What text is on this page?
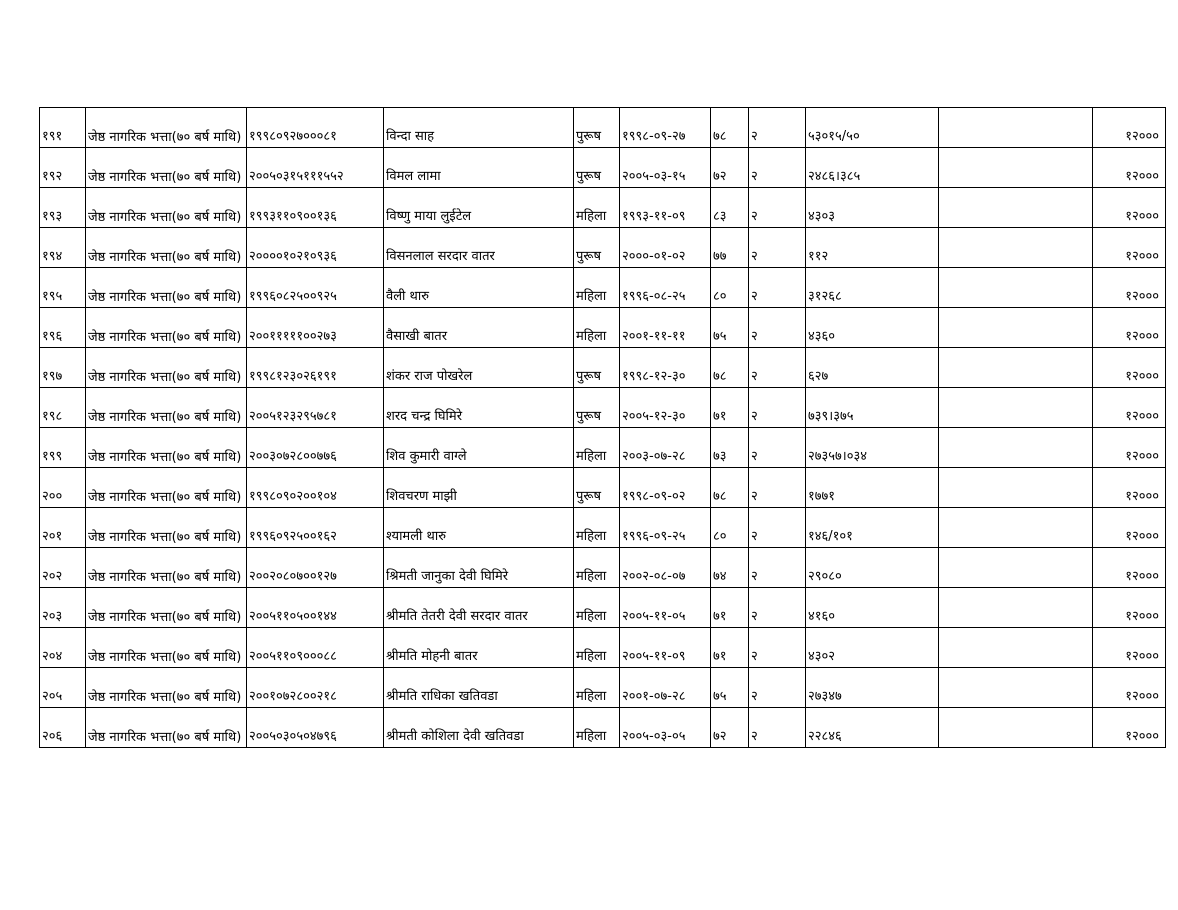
१९१	जेष्ठ नागरिक भत्ता(७० बर्ष माथि)	१९९८०९२७०००८१	विन्दा साह	पुरूष	१९९८-०९-२७	७८	२	५३०१५/५०		१२०००
१९२	जेष्ठ नागरिक भत्ता(७० बर्ष माथि)	२००५०३१५१११५५२	विमल लामा	पुरूष	२००५-०३-१५	७२	२	२४८६।३८५		१२०००
१९३	जेष्ठ नागरिक भत्ता(७० बर्ष माथि)	१९९३११०९००१३६	विष्णु माया लुईटेल	महिला	१९९३-११-०९	८३	२	४३०३		१२०००
१९४	जेष्ठ नागरिक भत्ता(७० बर्ष माथि)	२००००१०२१०९३६	विसनलाल सरदार वातर	पुरूष	२०००-०१-०२	७७	२	११२		१२०००
१९५	जेष्ठ नागरिक भत्ता(७० बर्ष माथि)	१९९६०८२५००९२५	वैली थारु	महिला	१९९६-०८-२५	८०	२	३१२६८		१२०००
१९६	जेष्ठ नागरिक भत्ता(७० बर्ष माथि)	२००१११११००२७३	वैसाखी बातर	महिला	२००१-११-११	७५	२	४३६०		१२०००
१९७	जेष्ठ नागरिक भत्ता(७० बर्ष माथि)	१९९८१२३०२६१९१	शंकर राज पोखरेल	पुरूष	१९९८-१२-३०	७८	२	६२७		१२०००
१९८	जेष्ठ नागरिक भत्ता(७० बर्ष माथि)	२००५१२३२९५७८१	शरद चन्द्र घिमिरे	पुरूष	२००५-१२-३०	७१	२	७३९।३७५		१२०००
१९९	जेष्ठ नागरिक भत्ता(७० बर्ष माथि)	२००३०७२८००७७६	शिव कुमारी वाग्ले	महिला	२००३-०७-२८	७३	२	२७३५७।०३४		१२०००
२००	जेष्ठ नागरिक भत्ता(७० बर्ष माथि)	१९९८०९०२००१०४	शिवचरण माझी	पुरूष	१९९८-०९-०२	७८	२	१७७१		१२०००
२०१	जेष्ठ नागरिक भत्ता(७० बर्ष माथि)	१९९६०९२५००१६२	श्यामली थारु	महिला	१९९६-०९-२५	८०	२	१४६/१०१		१२०००
२०२	जेष्ठ नागरिक भत्ता(७० बर्ष माथि)	२००२०८०७००१२७	श्रिमती जानुका देवी घिमिरे	महिला	२००२-०८-०७	७४	२	२९०८०		१२०००
२०३	जेष्ठ नागरिक भत्ता(७० बर्ष माथि)	२००५११०५००१४४	श्रीमति तेतरी देवी सरदार वातर	महिला	२००५-११-०५	७१	२	४१६०		१२०००
२०४	जेष्ठ नागरिक भत्ता(७० बर्ष माथि)	२००५११०९०००८८	श्रीमति मोहनी बातर	महिला	२००५-११-०९	७१	२	४३०२		१२०००
२०५	जेष्ठ नागरिक भत्ता(७० बर्ष माथि)	२००१०७२८००२१८	श्रीमति राधिका खतिवडा	महिला	२००१-०७-२८	७५	२	२७३४७		१२०००
२०६	जेष्ठ नागरिक भत्ता(७० बर्ष माथि)	२००५०३०५०४७९६	श्रीमती कोशिला देवी खतिवडा	महिला	२००५-०३-०५	७२	२	२२८४६		१२०००
